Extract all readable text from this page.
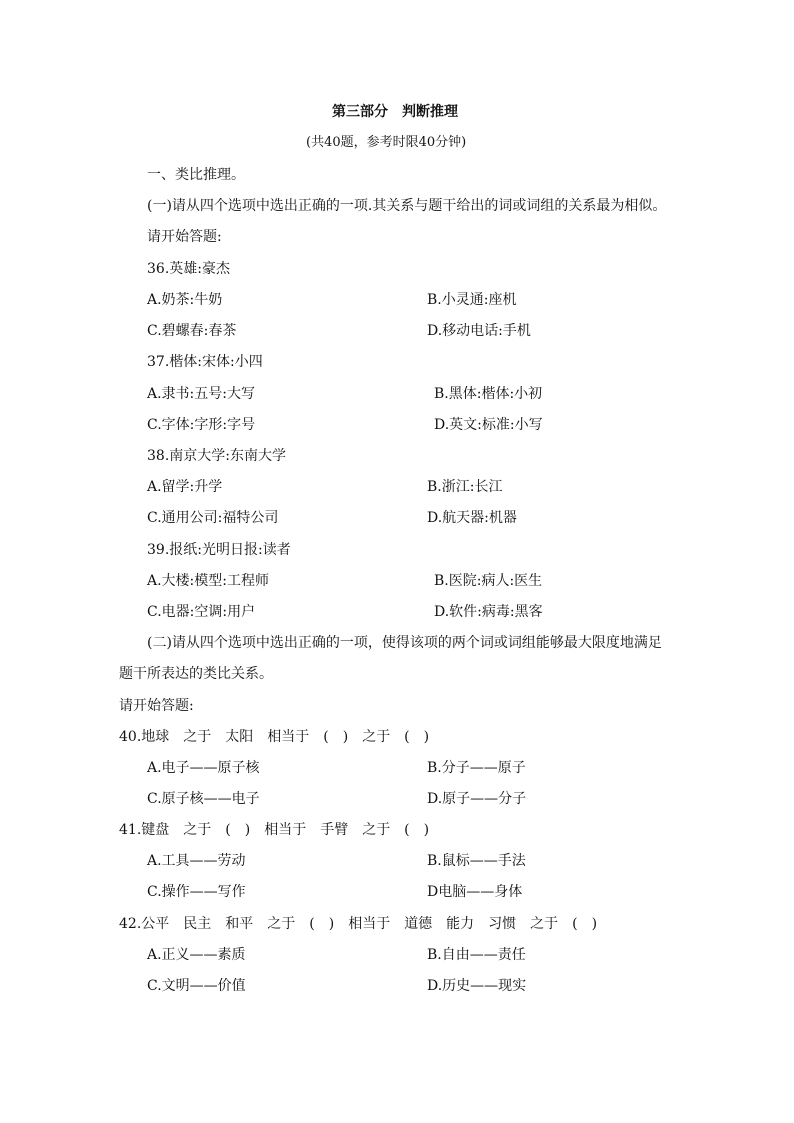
第三部分　判断推理
(共40题，参考时限40分钟)
一、类比推理。
(一)请从四个选项中选出正确的一项.其关系与题干给出的词或词组的关系最为相似。
请开始答题:
36.英雄:豪杰
A.奶茶:牛奶	B.小灵通:座机
C.碧螺春:春茶	D.移动电话:手机
37.楷体:宋体:小四
A.隶书:五号:大写	B.黑体:楷体:小初
C.字体:字形:字号	D.英文:标准:小写
38.南京大学:东南大学
A.留学:升学	B.浙江:长江
C.通用公司:福特公司	D.航天器:机器
39.报纸:光明日报:读者
A.大楼:模型:工程师	B.医院:病人:医生
C.电器:空调:用户	D.软件:病毒:黑客
(二)请从四个选项中选出正确的一项，使得该项的两个词或词组能够最大限度地满足
题干所表达的类比关系。
请开始答题:
40.地球　之于　太阳　相当于　(　)　之于　(　)
A.电子——原子核	B.分子——原子
C.原子核——电子	D.原子——分子
41.键盘　之于　(　)　相当于　手臂　之于　(　)
A.工具——劳动	B.鼠标——手法
C.操作——写作	D电脑——身体
42.公平　民主　和平　之于　(　)　相当于　道德　能力　习惯　之于　(　)
A.正义——素质	B.自由——责任
C.文明——价值	D.历史——现实
